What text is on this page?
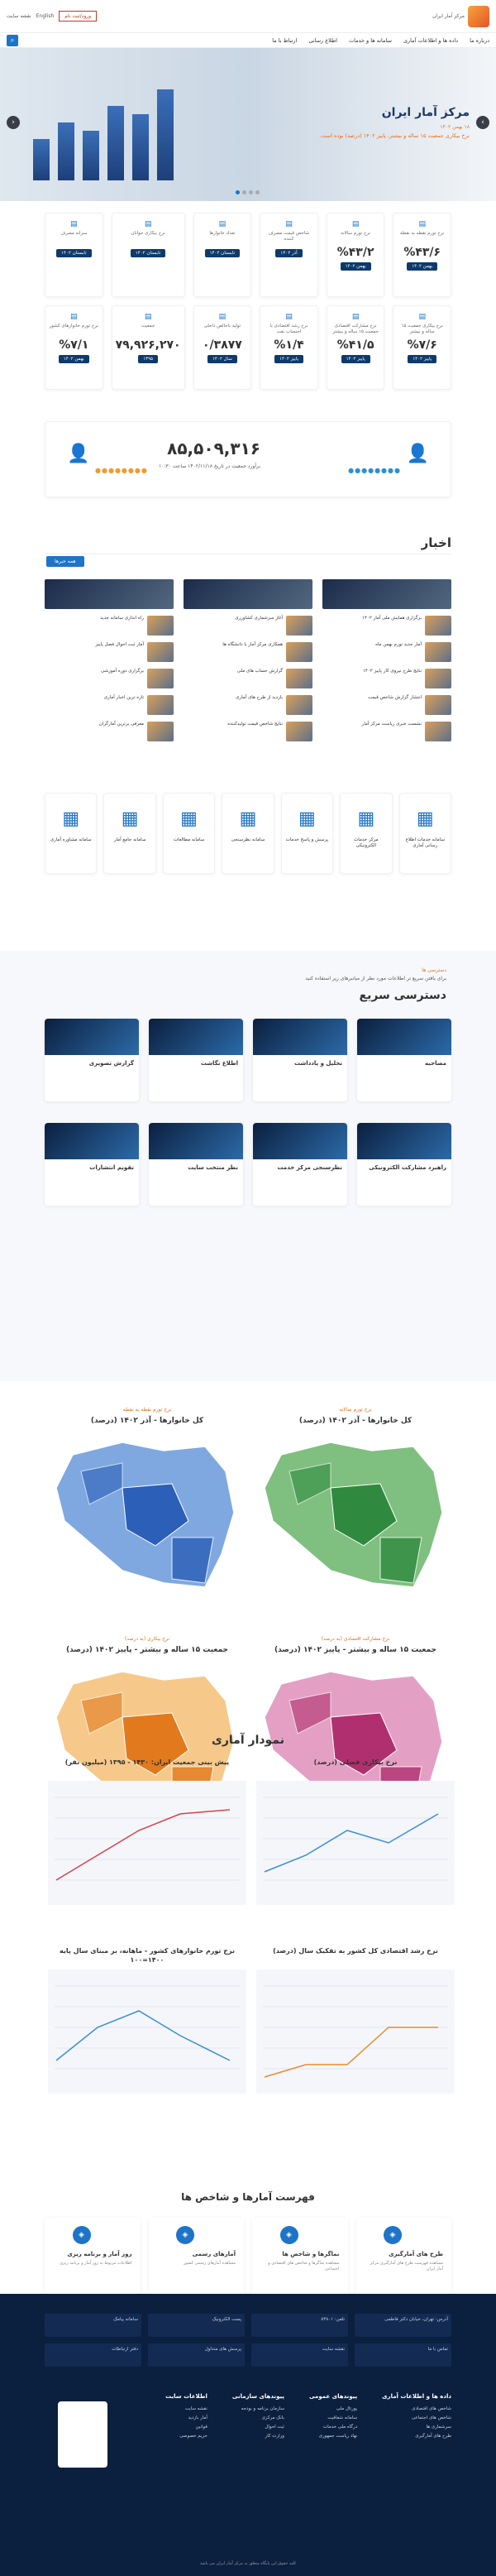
مرکز آمار ایران
ورود/ثبت نام
English
نقشه سایت
درباره ما
داده ها و اطلاعات آماری
سامانه ها و خدمات
اطلاع رسانی
ارتباط با ما
⌕
مرکز آمار ایران
۱۸ بهمن ۱۴۰۲
نرخ بیکاری جمعیت ۱۵ ساله و بیشتر، پاییز ۱۴۰۲ (درصد) بوده است.
›
‹
▤
نرخ تورم نقطه به نقطه
%۴۳/۶
بهمن ۱۴۰۲
▤
نرخ تورم سالانه
%۴۳/۲
بهمن ۱۴۰۲
▤
شاخص قیمت مصرف کننده
آذر ۱۴۰۲
▤
تعداد خانوارها
تابستان ۱۴۰۲
▤
نرخ بیکاری جوانان
تابستان ۱۴۰۲
▤
سرانه مصرف
تابستان ۱۴۰۲
▤
نرخ بیکاری جمعیت ۱۵ ساله و بیشتر
%۷/۶
پاییز ۱۴۰۲
▤
نرخ مشارکت اقتصادی جمعیت ۱۵ ساله و بیشتر
%۴۱/۵
پاییز ۱۴۰۲
▤
نرخ رشد اقتصادی با احتساب نفت
%۱/۴
پاییز ۱۴۰۲
▤
تولید ناخالص داخلی
۰/۳۸۷۷
سال ۱۴۰۲
▤
جمعیت
۷۹,۹۲۶,۲۷۰
۱۳۹۵
▤
نرخ تورم خانوارهای کشور
%۷/۱
بهمن ۱۴۰۲
👤
●●●●●●●●
۸۵,۵۰۹,۳۱۶
برآورد جمعیت در تاریخ ۱۴۰۲/۱۱/۱۸ ساعت ۱۰:۳۰
●●●●●●●●
👤
اخبار
همه خبرها
برگزاری همایش ملی آمار ۱۴۰۲
آمار جدید تورم بهمن ماه
نتایج طرح نیروی کار پاییز ۱۴۰۲
انتشار گزارش شاخص قیمت
نشست خبری ریاست مرکز آمار
آغاز سرشماری کشاورزی
همکاری مرکز آمار با دانشگاه ها
گزارش حساب های ملی
بازدید از طرح های آماری
نتایج شاخص قیمت تولیدکننده
راه اندازی سامانه جدید
آمار ثبت احوال فصل پاییز
برگزاری دوره آموزشی
تازه ترین اخبار آماری
معرفی برترین آمارگران
▦
سامانه خدمات اطلاع رسانی آماری
▦
مرکز خدمات الکترونیکی
▦
پرسش و پاسخ خدمات
▦
سامانه نظرسنجی
▦
سامانه مطالعات
▦
سامانه جامع آمار
▦
سامانه مشاوره آماری
دسترسی ها
برای یافتن سریع تر اطلاعات مورد نظر از میانبرهای زیر استفاده کنید
دسترسی سریع
مصاحبه
تحلیل و یادداشت
اطلاع نگاشت
گزارش تصویری
راهبرد مشارکت الکترونیکی
نظرسنجی مرکز خدمت
نظر منتخب سایت
تقویم انتشارات
نرخ تورم سالانه
کل خانوارها - آذر ۱۴۰۲ (درصد)
نرخ تورم نقطه به نقطه
کل خانوارها - آذر ۱۴۰۲ (درصد)
نرخ مشارکت اقتصادی (به درصد)
جمعیت ۱۵ ساله و بیشتر - پاییز ۱۴۰۲ (درصد)
نرخ بیکاری (به درصد)
جمعیت ۱۵ ساله و بیشتر - پاییز ۱۴۰۲ (درصد)
نمودار آماری
نرخ بیکاری فصلی (درصد)
پیش بینی جمعیت ایران: ۱۴۳۰ - ۱۳۹۵ (میلیون نفر)
نرخ رشد اقتصادی کل کشور به تفکیک سال (درصد)
نرخ تورم خانوارهای کشور - ماهانه، بر مبنای سال پایه ۱۴۰۰=۱۰۰
فهرست آمارها و شاخص ها
◈
طرح های آمارگیری
مشاهده فهرست طرح های آمارگیری مرکز آمار ایران
◈
نماگرها و شاخص ها
مشاهده نماگرها و شاخص های اقتصادی و اجتماعی
◈
آمارهای رسمی
مشاهده آمارهای رسمی کشور
◈
روز آمار و برنامه ریزی
اطلاعات مربوط به روز آمار و برنامه ریزی
آدرس: تهران، خیابان دکتر فاطمی
تلفن: ۸۳۸۰۱
پست الکترونیک
سامانه پیامک
تماس با ما
نقشه سایت
پرسش های متداول
دفتر ارتباطات
داده ها و اطلاعات آماری
شاخص های اقتصادی
شاخص های اجتماعی
سرشماری ها
طرح های آمارگیری
پیوندهای عمومی
پورتال ملی
سامانه شفافیت
درگاه ملی خدمات
نهاد ریاست جمهوری
پیوندهای سازمانی
سازمان برنامه و بودجه
بانک مرکزی
ثبت احوال
وزارت کار
اطلاعات سایت
نقشه سایت
آمار بازدید
قوانین
حریم خصوصی
کلیه حقوق این پایگاه متعلق به مرکز آمار ایران می باشد
